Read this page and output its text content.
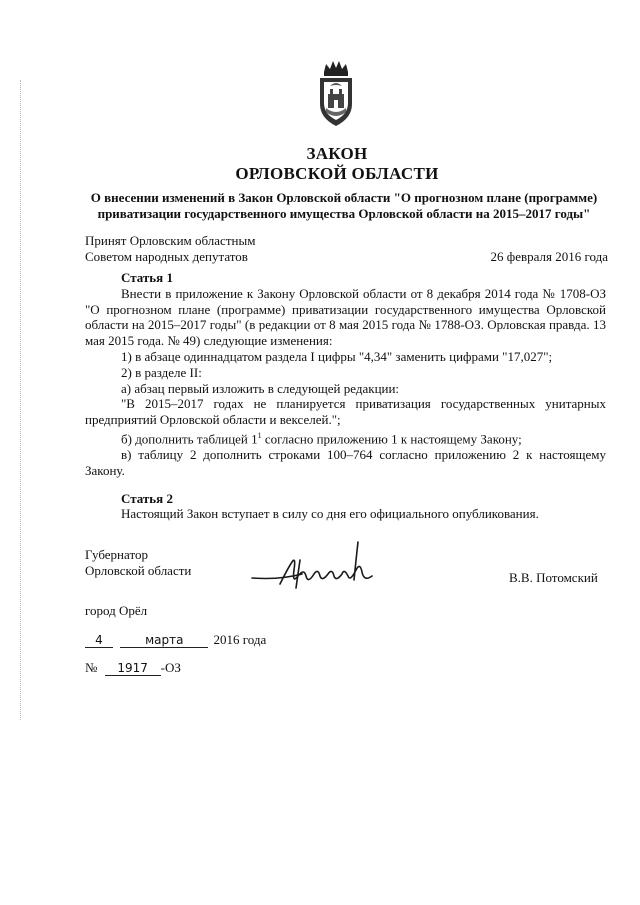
ЗАКОН
ОРЛОВСКОЙ ОБЛАСТИ
О внесении изменений в Закон Орловской области "О прогнозном плане (программе) приватизации государственного имущества Орловской области на 2015–2017 годы"
Принят Орловским областным
Советом народных депутатов	26 февраля 2016 года
Статья 1

Внести в приложение к Закону Орловской области от 8 декабря 2014 года № 1708-ОЗ "О прогнозном плане (программе) приватизации государственного имущества Орловской области на 2015–2017 годы" (в редакции от 8 мая 2015 года № 1788-ОЗ. Орловская правда. 13 мая 2015 года. № 49) следующие изменения:

1) в абзаце одиннадцатом раздела I цифры "4,34" заменить цифрами "17,027";

2) в разделе II:

а) абзац первый изложить в следующей редакции:

"В 2015–2017 годах не планируется приватизация государственных унитарных предприятий Орловской области и векселей.";

б) дополнить таблицей $1^1$ согласно приложению 1 к настоящему Закону;

в) таблицу 2 дополнить строками 100–764 согласно приложению 2 к настоящему Закону.

Статья 2

Настоящий Закон вступает в силу со дня его официального опубликования.

Губернатор
Орловской области	В.В. Потомский
город Орёл
4	марта 2016 года
№ 1917 -ОЗ
